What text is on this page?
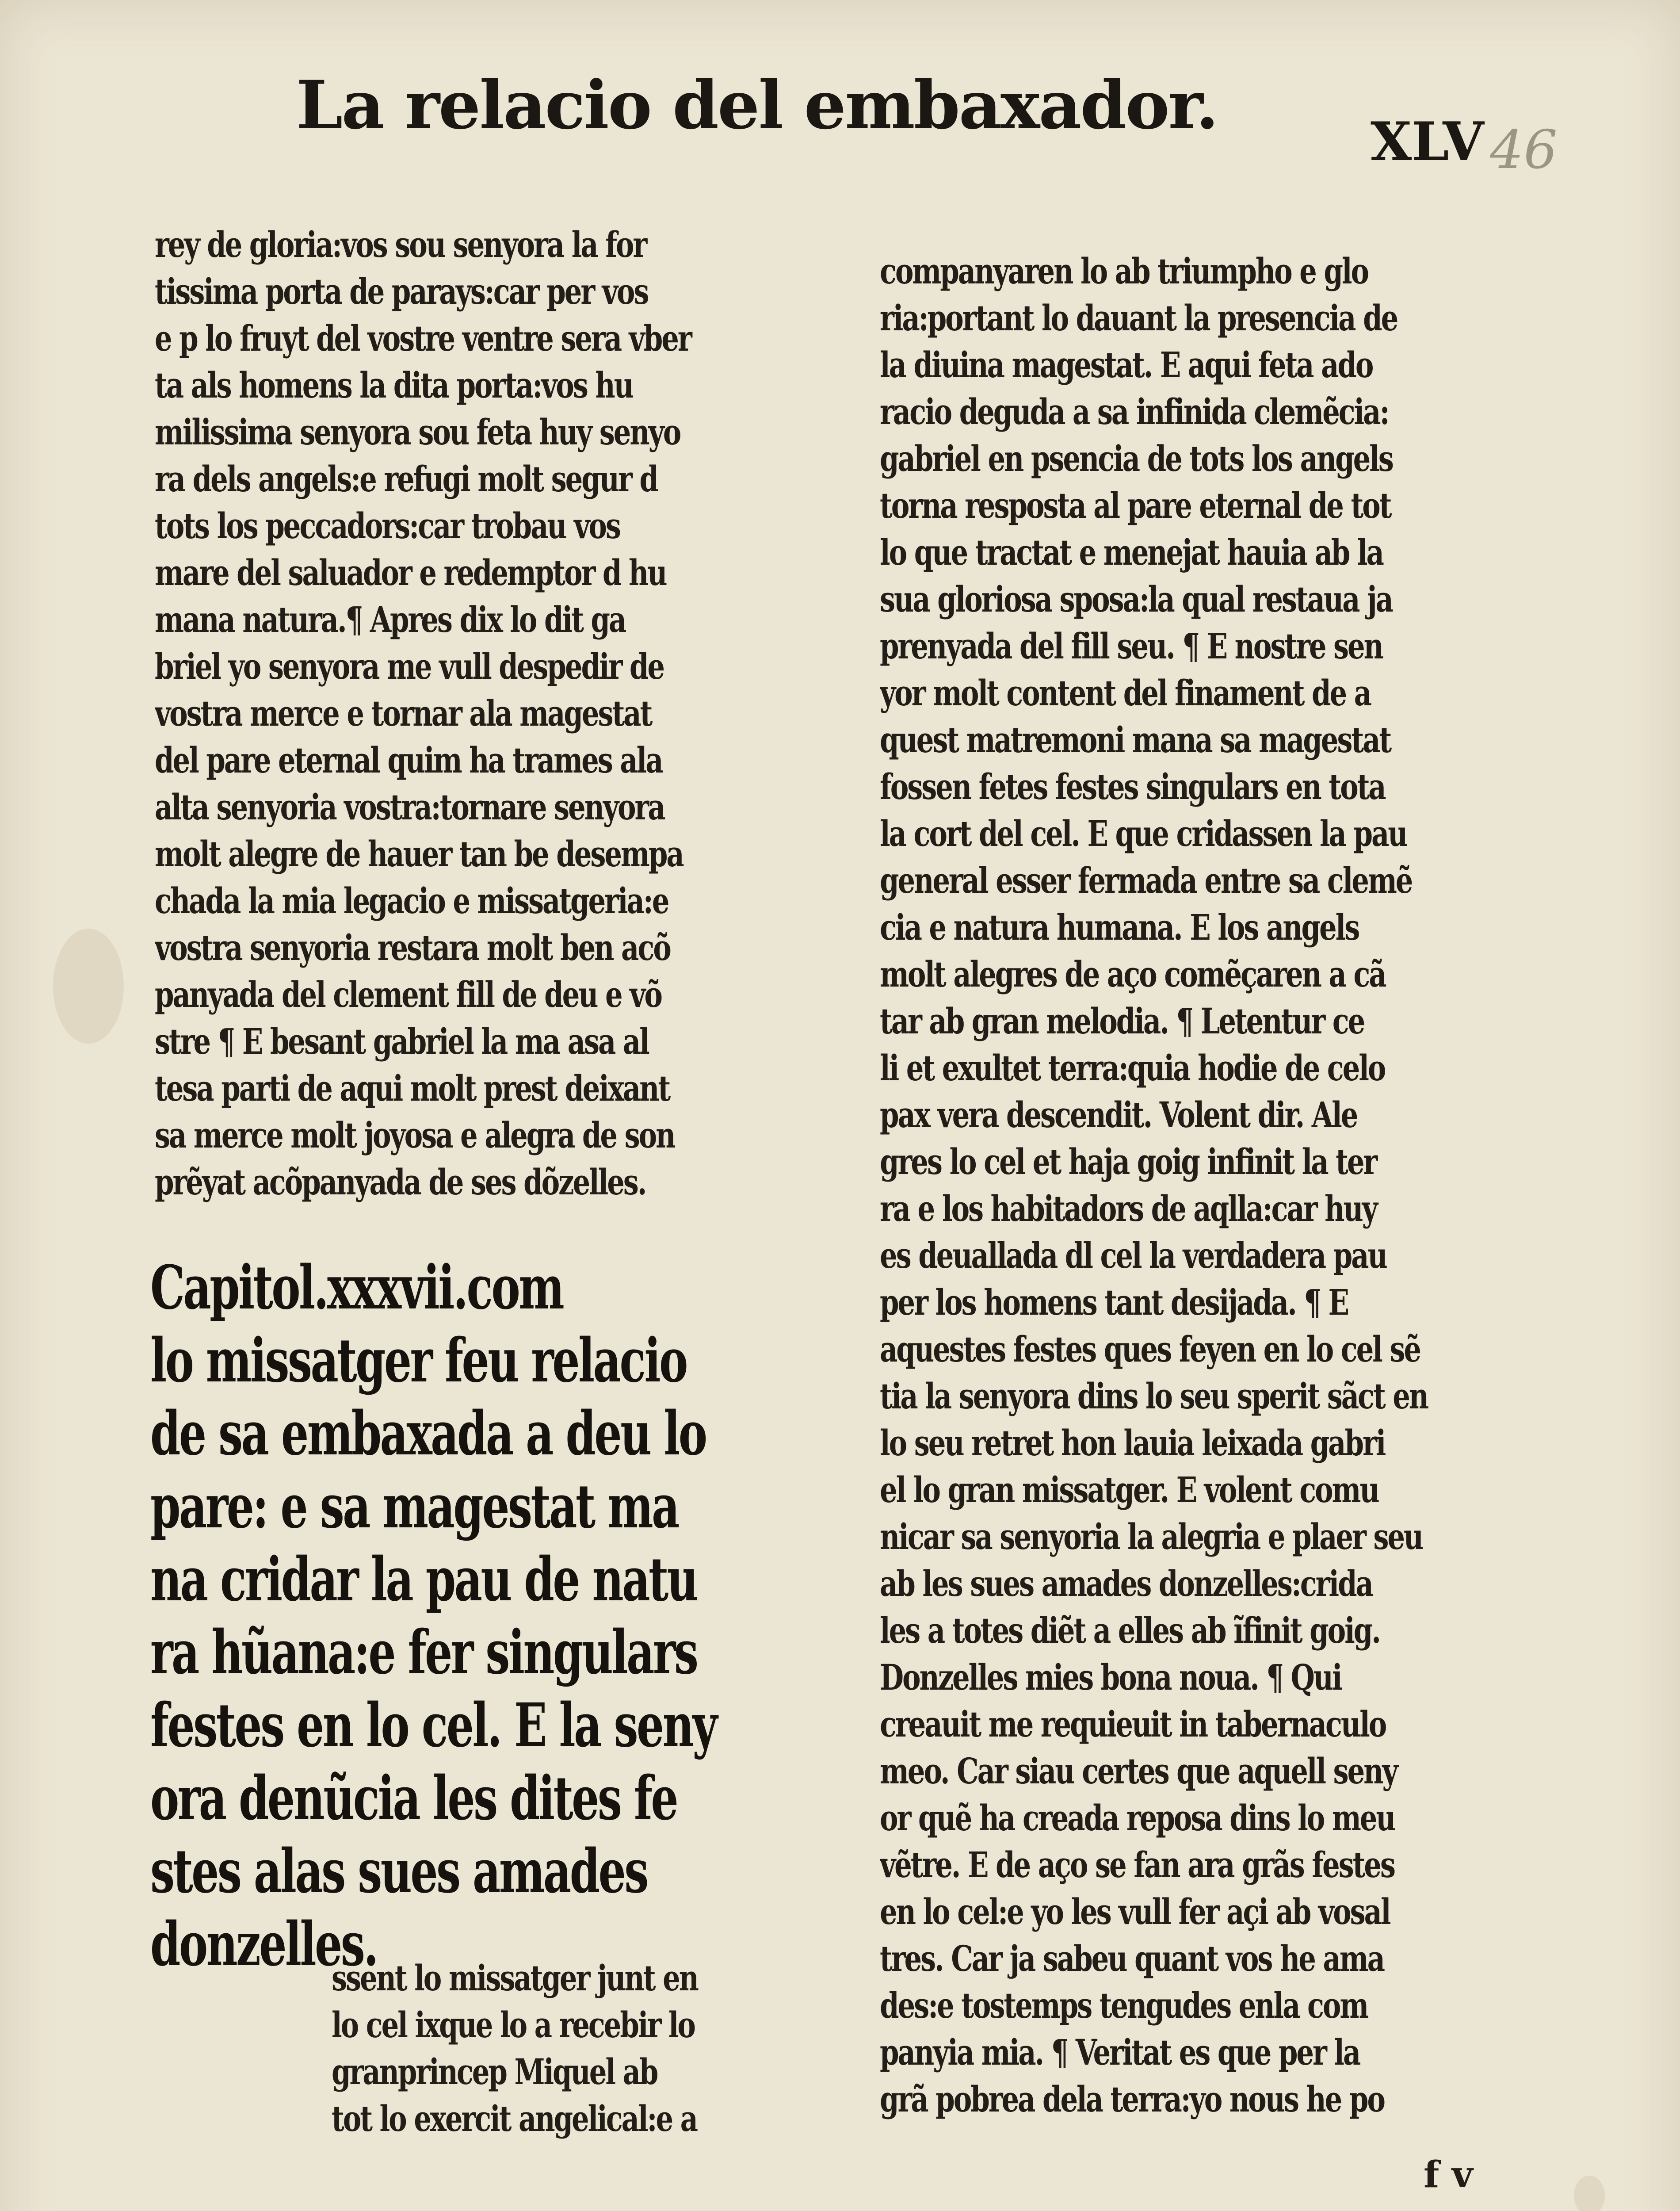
La relacio del embaxador.	XLV 46
rey de gloria:vos sou senyora la for
tissima porta de parays:car per vos
e p lo fruyt del vostre ventre sera vber
ta als homens la dita porta:vos hu
milissima senyora sou feta huy senyo
ra dels angels:e refugi molt segur d
tots los peccadors:car trobau vos
mare del saluador e redemptor d hu
mana natura.¶ Apres dix lo dit ga
briel yo senyora me vull despedir de
vostra merce e tornar ala magestat
del pare eternal quim ha trames ala
alta senyoria vostra:tornare senyora
molt alegre de hauer tan be desempa
chada la mia legacio e missatgeria:e
vostra senyoria restara molt ben acõ
panyada del clement fill de deu e võ
stre ¶ E besant gabriel la ma asa al
tesa parti de aqui molt prest deixant
sa merce molt joyosa e alegra de son
prẽyat acõpanyada de ses dõzelles.
Capitol.xxxvii.com
lo missatger feu relacio
de sa embaxada a deu lo
pare: e sa magestat ma
na cridar la pau de natu
ra hũana:e fer singulars
festes en lo cel. E la seny
ora denũcia les dites fe
stes alas sues amades
donzelles.
ssent lo missatger junt en
lo cel ixque lo a recebir lo
granprincep Miquel ab
tot lo exercit angelical:e a
companyaren lo ab triumpho e glo
ria:portant lo dauant la presencia de
la diuina magestat. E aqui feta ado
racio deguda a sa infinida clemẽcia:
gabriel en psencia de tots los angels
torna resposta al pare eternal de tot
lo que tractat e menejat hauia ab la
sua gloriosa sposa:la qual restaua ja
prenyada del fill seu. ¶ E nostre sen
yor molt content del finament de a
quest matremoni mana sa magestat
fossen fetes festes singulars en tota
la cort del cel. E que cridassen la pau
general esser fermada entre sa clemẽ
cia e natura humana. E los angels
molt alegres de aço comẽçaren a cã
tar ab gran melodia. ¶ Letentur ce
li et exultet terra:quia hodie de celo
pax vera descendit. Volent dir. Ale
gres lo cel et haja goig infinit la ter
ra e los habitadors de aqlla:car huy
es deuallada dl cel la verdadera pau
per los homens tant desijada. ¶ E
aquestes festes ques feyen en lo cel sẽ
tia la senyora dins lo seu sperit sãct en
lo seu retret hon lauia leixada gabri
el lo gran missatger. E volent comu
nicar sa senyoria la alegria e plaer seu
ab les sues amades donzelles:crida
les a totes diẽt a elles ab ĩfinit goig.
Donzelles mies bona noua. ¶ Qui
creauit me requieuit in tabernaculo
meo. Car siau certes que aquell seny
or quẽ ha creada reposa dins lo meu
vẽtre. E de aço se fan ara grãs festes
en lo cel:e yo les vull fer açi ab vosal
tres. Car ja sabeu quant vos he ama
des:e tostemps tengudes enla com
panyia mia. ¶ Veritat es que per la
grã pobrea dela terra:yo nous he po
f v
